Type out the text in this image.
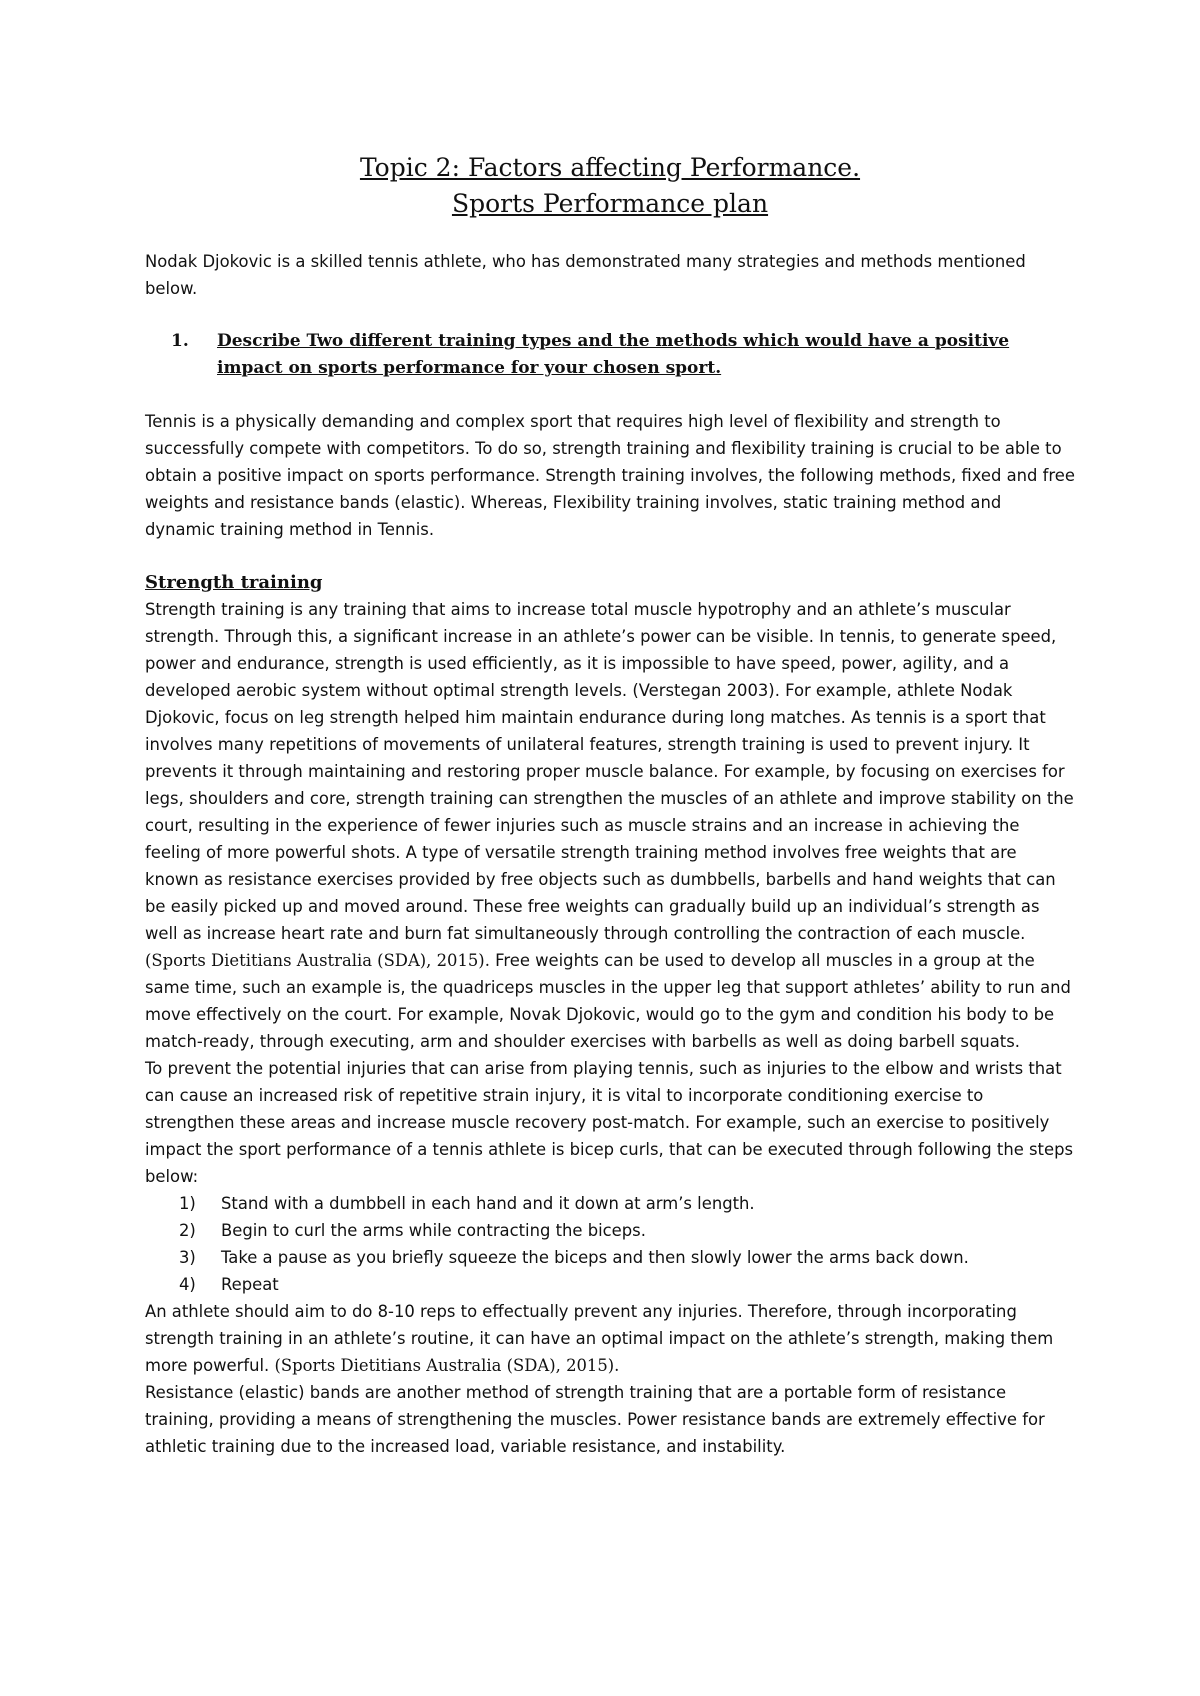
Topic 2: Factors affecting Performance.
Sports Performance plan

Nodak Djokovic is a skilled tennis athlete, who has demonstrated many strategies and methods mentioned below.

1.	Describe Two different training types and the methods which would have a positive impact on sports performance for your chosen sport.

Tennis is a physically demanding and complex sport that requires high level of flexibility and strength to successfully compete with competitors. To do so, strength training and flexibility training is crucial to be able to obtain a positive impact on sports performance. Strength training involves, the following methods, fixed and free weights and resistance bands (elastic). Whereas, Flexibility training involves, static training method and dynamic training method in Tennis.

Strength training

Strength training is any training that aims to increase total muscle hypotrophy and an athlete’s muscular strength. Through this, a significant increase in an athlete’s power can be visible. In tennis, to generate speed, power and endurance, strength is used efficiently, as it is impossible to have speed, power, agility, and a developed aerobic system without optimal strength levels. (Verstegan 2003). For example, athlete Nodak Djokovic, focus on leg strength helped him maintain endurance during long matches. As tennis is a sport that involves many repetitions of movements of unilateral features, strength training is used to prevent injury. It prevents it through maintaining and restoring proper muscle balance. For example, by focusing on exercises for legs, shoulders and core, strength training can strengthen the muscles of an athlete and improve stability on the court, resulting in the experience of fewer injuries such as muscle strains and an increase in achieving the feeling of more powerful shots. A type of versatile strength training method involves free weights that are known as resistance exercises provided by free objects such as dumbbells, barbells and hand weights that can be easily picked up and moved around. These free weights can gradually build up an individual’s strength as well as increase heart rate and burn fat simultaneously through controlling the contraction of each muscle. (Sports Dietitians Australia (SDA), 2015). Free weights can be used to develop all muscles in a group at the same time, such an example is, the quadriceps muscles in the upper leg that support athletes’ ability to run and move effectively on the court. For example, Novak Djokovic, would go to the gym and condition his body to be match-ready, through executing, arm and shoulder exercises with barbells as well as doing barbell squats.

To prevent the potential injuries that can arise from playing tennis, such as injuries to the elbow and wrists that can cause an increased risk of repetitive strain injury, it is vital to incorporate conditioning exercise to strengthen these areas and increase muscle recovery post-match. For example, such an exercise to positively impact the sport performance of a tennis athlete is bicep curls, that can be executed through following the steps below:

1)	Stand with a dumbbell in each hand and it down at arm’s length.
2)	Begin to curl the arms while contracting the biceps.
3)	Take a pause as you briefly squeeze the biceps and then slowly lower the arms back down.
4)	Repeat

An athlete should aim to do 8-10 reps to effectually prevent any injuries. Therefore, through incorporating strength training in an athlete’s routine, it can have an optimal impact on the athlete’s strength, making them more powerful. (Sports Dietitians Australia (SDA), 2015).

Resistance (elastic) bands are another method of strength training that are a portable form of resistance training, providing a means of strengthening the muscles. Power resistance bands are extremely effective for athletic training due to the increased load, variable resistance, and instability.
